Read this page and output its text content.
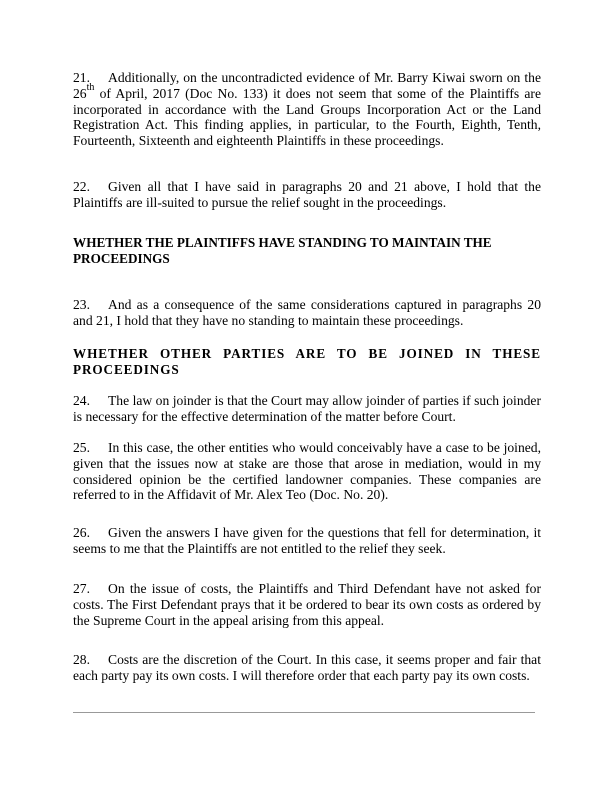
21. Additionally, on the uncontradicted evidence of Mr. Barry Kiwai sworn on the 26th of April, 2017 (Doc No. 133) it does not seem that some of the Plaintiffs are incorporated in accordance with the Land Groups Incorporation Act or the Land Registration Act. This finding applies, in particular, to the Fourth, Eighth, Tenth, Fourteenth, Sixteenth and eighteenth Plaintiffs in these proceedings.
22. Given all that I have said in paragraphs 20 and 21 above, I hold that the Plaintiffs are ill-suited to pursue the relief sought in the proceedings.
WHETHER THE PLAINTIFFS HAVE STANDING TO MAINTAIN THE PROCEEDINGS
23. And as a consequence of the same considerations captured in paragraphs 20 and 21, I hold that they have no standing to maintain these proceedings.
WHETHER OTHER PARTIES ARE TO BE JOINED IN THESE PROCEEDINGS
24. The law on joinder is that the Court may allow joinder of parties if such joinder is necessary for the effective determination of the matter before Court.
25. In this case, the other entities who would conceivably have a case to be joined, given that the issues now at stake are those that arose in mediation, would in my considered opinion be the certified landowner companies. These companies are referred to in the Affidavit of Mr. Alex Teo (Doc. No. 20).
26. Given the answers I have given for the questions that fell for determination, it seems to me that the Plaintiffs are not entitled to the relief they seek.
27. On the issue of costs, the Plaintiffs and Third Defendant have not asked for costs. The First Defendant prays that it be ordered to bear its own costs as ordered by the Supreme Court in the appeal arising from this appeal.
28. Costs are the discretion of the Court. In this case, it seems proper and fair that each party pay its own costs. I will therefore order that each party pay its own costs.
